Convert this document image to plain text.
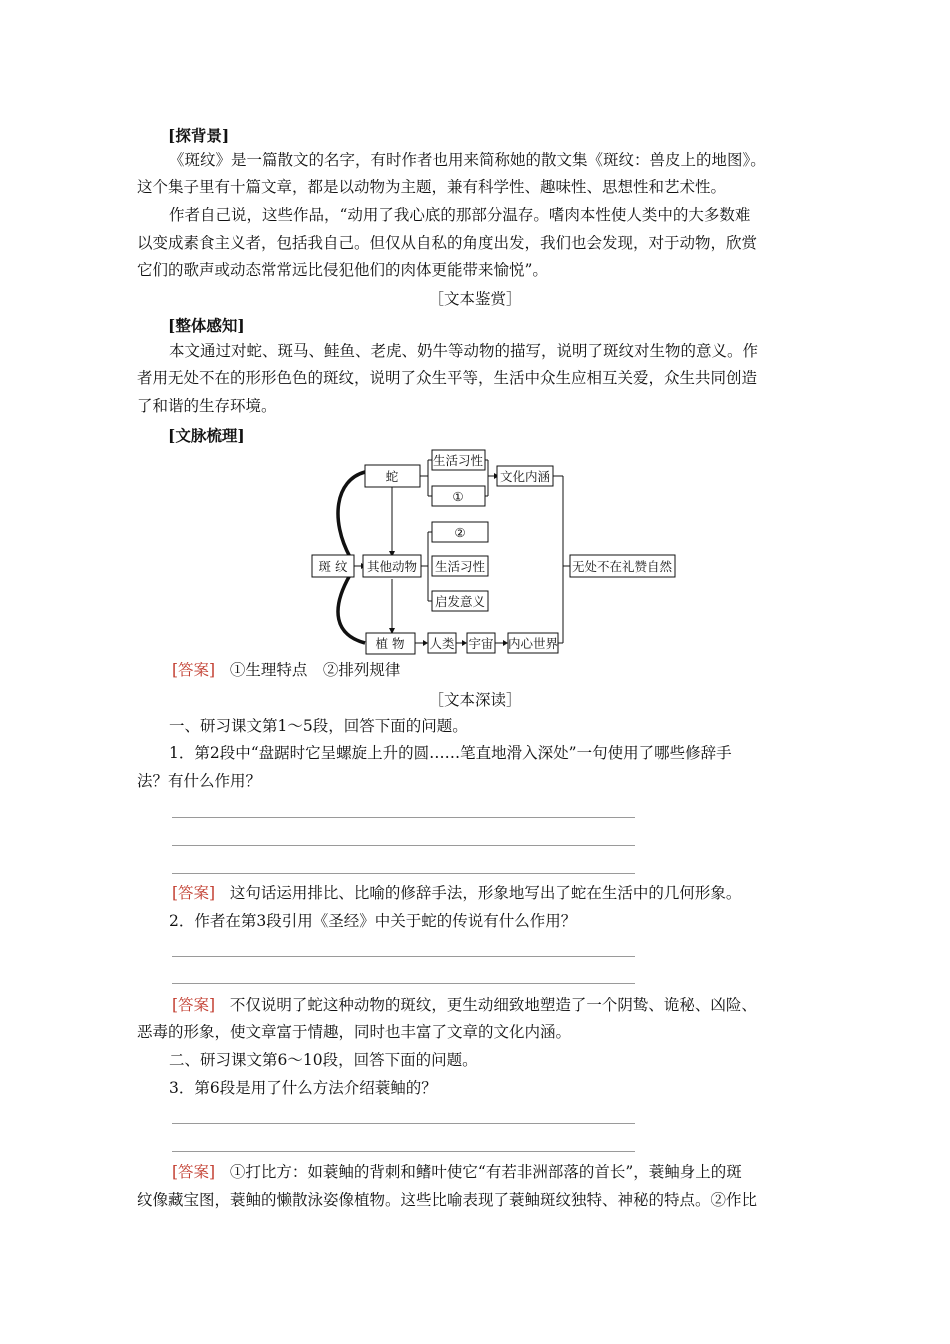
[探背景]
《斑纹》是一篇散文的名字，有时作者也用来简称她的散文集《斑纹：兽皮上的地图》。
这个集子里有十篇文章，都是以动物为主题，兼有科学性、趣味性、思想性和艺术性。
作者自己说，这些作品，“动用了我心底的那部分温存。嗜肉本性使人类中的大多数难
以变成素食主义者，包括我自己。但仅从自私的角度出发，我们也会发现，对于动物，欣赏
它们的歌声或动态常常远比侵犯他们的肉体更能带来愉悦”。
［文本鉴赏］
[整体感知]
本文通过对蛇、斑马、鲑鱼、老虎、奶牛等动物的描写，说明了斑纹对生物的意义。作
者用无处不在的形形色色的斑纹，说明了众生平等，生活中众生应相互关爱，众生共同创造
了和谐的生存环境。
[文脉梳理]
斑 纹
蛇
其他动物
植 物
生活习性
①
文化内涵
②
生活习性
启发意义
人类 宇宙 内心世界
无处不在礼赞自然
[答案] ①生理特点　②排列规律
［文本深读］
一、研习课文第1～5段，回答下面的问题。
1．第2段中“盘踞时它呈螺旋上升的圆……笔直地滑入深处”一句使用了哪些修辞手
法？有什么作用？
[答案] 这句话运用排比、比喻的修辞手法，形象地写出了蛇在生活中的几何形象。
2．作者在第3段引用《圣经》中关于蛇的传说有什么作用？
[答案] 不仅说明了蛇这种动物的斑纹，更生动细致地塑造了一个阴鸷、诡秘、凶险、
恶毒的形象，使文章富于情趣，同时也丰富了文章的文化内涵。
二、研习课文第6～10段，回答下面的问题。
3．第6段是用了什么方法介绍蓑鲉的？
[答案] ①打比方：如蓑鲉的背刺和鳍叶使它“有若非洲部落的首长”，蓑鲉身上的斑
纹像藏宝图，蓑鲉的懒散泳姿像植物。这些比喻表现了蓑鲉斑纹独特、神秘的特点。②作比
